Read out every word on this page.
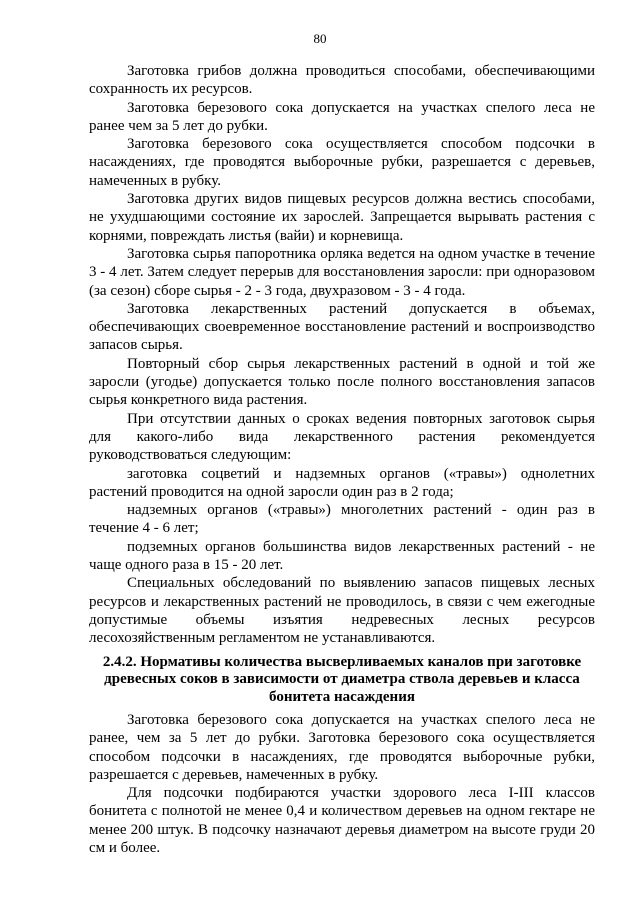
80

Заготовка грибов должна проводиться способами, обеспечивающими сохранность их ресурсов.

Заготовка березового сока допускается на участках спелого леса не ранее чем за 5 лет до рубки.

Заготовка березового сока осуществляется способом подсочки в насаждениях, где проводятся выборочные рубки, разрешается с деревьев, намеченных в рубку.

Заготовка других видов пищевых ресурсов должна вестись способами, не ухудшающими состояние их зарослей. Запрещается вырывать растения с корнями, повреждать листья (вайи) и корневища.

Заготовка сырья папоротника орляка ведется на одном участке в течение 3 - 4 лет. Затем следует перерыв для восстановления заросли: при одноразовом (за сезон) сборе сырья - 2 - 3 года, двухразовом - 3 - 4 года.

Заготовка лекарственных растений допускается в объемах, обеспечивающих своевременное восстановление растений и воспроизводство запасов сырья.

Повторный сбор сырья лекарственных растений в одной и той же заросли (угодье) допускается только после полного восстановления запасов сырья конкретного вида растения.

При отсутствии данных о сроках ведения повторных заготовок сырья для какого-либо вида лекарственного растения рекомендуется руководствоваться следующим:

заготовка соцветий и надземных органов («травы») однолетних растений проводится на одной заросли один раз в 2 года;

надземных органов («травы») многолетних растений - один раз в течение 4 - 6 лет;

подземных органов большинства видов лекарственных растений - не чаще одного раза в 15 - 20 лет.

Специальных обследований по выявлению запасов пищевых лесных ресурсов и лекарственных растений не проводилось, в связи с чем ежегодные допустимые объемы изъятия недревесных лесных ресурсов лесохозяйственным регламентом не устанавливаются.

2.4.2. Нормативы количества высверливаемых каналов при заготовке древесных соков в зависимости от диаметра ствола деревьев и класса бонитета насаждения

Заготовка березового сока допускается на участках спелого леса не ранее, чем за 5 лет до рубки. Заготовка березового сока осуществляется способом подсочки в насаждениях, где проводятся выборочные рубки, разрешается с деревьев, намеченных в рубку.

Для подсочки подбираются участки здорового леса I-III классов бонитета с полнотой не менее 0,4 и количеством деревьев на одном гектаре не менее 200 штук. В подсочку назначают деревья диаметром на высоте груди 20 см и более.
